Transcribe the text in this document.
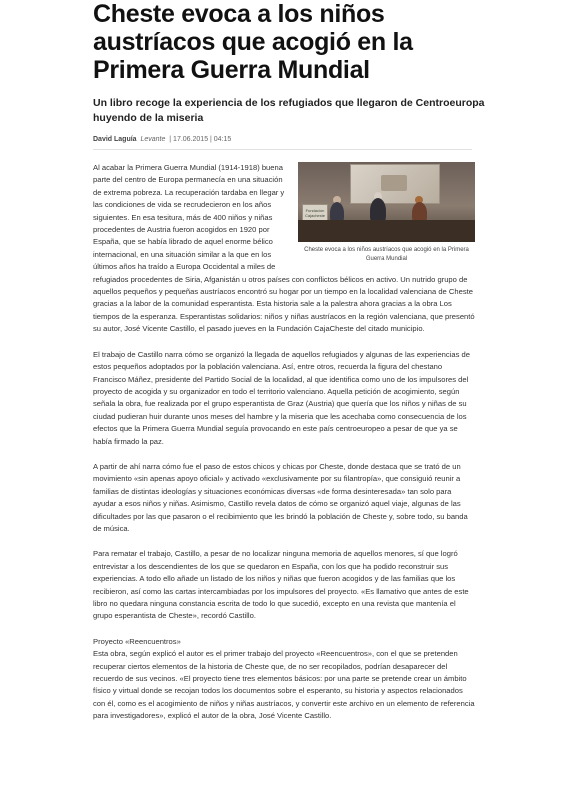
Cheste evoca a los niños austríacos que acogió en la Primera Guerra Mundial

Un libro recoge la experiencia de los refugiados que llegaron de Centroeuropa huyendo de la miseria

David Laguía Levante  | 17.06.2015 | 04:15
Fundación Cajacheste
Cheste evoca a los niños austríacos que acogió en la Primera Guerra Mundial

Al acabar la Primera Guerra Mundial (1914-1918) buena parte del centro de Europa permanecía en una situación de extrema pobreza. La recuperación tardaba en llegar y las condiciones de vida se recrudecieron en los años siguientes. En esa tesitura, más de 400 niños y niñas procedentes de Austria fueron acogidos en 1920 por España, que se había librado de aquel enorme bélico internacional, en una situación similar a la que en los últimos años ha traído a Europa Occidental a miles de refugiados procedentes de Siria, Afganistán u otros países con conflictos bélicos en activo. Un nutrido grupo de aquellos pequeños y pequeñas austríacos encontró su hogar por un tiempo en la localidad valenciana de Cheste gracias a la labor de la comunidad esperantista. Esta historia sale a la palestra ahora gracias a la obra Los tiempos de la esperanza. Esperantistas solidarios: niños y niñas austríacos en la región valenciana, que presentó su autor, José Vicente Castillo, el pasado jueves en la Fundación CajaCheste del citado municipio.

El trabajo de Castillo narra cómo se organizó la llegada de aquellos refugiados y algunas de las experiencias de estos pequeños adoptados por la población valenciana. Así, entre otros, recuerda la figura del chestano Francisco Máñez, presidente del Partido Social de la localidad, al que identifica como uno de los impulsores del proyecto de acogida y su organizador en todo el territorio valenciano. Aquella petición de acogimiento, según señala la obra, fue realizada por el grupo esperantista de Graz (Austria) que quería que los niños y niñas de su ciudad pudieran huir durante unos meses del hambre y la miseria que les acechaba como consecuencia de los efectos que la Primera Guerra Mundial seguía provocando en este país centroeuropeo a pesar de que ya se había firmado la paz.

A partir de ahí narra cómo fue el paso de estos chicos y chicas por Cheste, donde destaca que se trató de un movimiento «sin apenas apoyo oficial» y activado «exclusivamente por su filantropía», que consiguió reunir a familias de distintas ideologías y situaciones económicas diversas «de forma desinteresada» tan solo para ayudar a esos niños y niñas. Asimismo, Castillo revela datos de cómo se organizó aquel viaje, algunas de las dificultades por las que pasaron o el recibimiento que les brindó la población de Cheste y, sobre todo, su banda de música.

Para rematar el trabajo, Castillo, a pesar de no localizar ninguna memoria de aquellos menores, sí que logró entrevistar a los descendientes de los que se quedaron en España, con los que ha podido reconstruir sus experiencias. A todo ello añade un listado de los niños y niñas que fueron acogidos y de las familias que los recibieron, así como las cartas intercambiadas por los impulsores del proyecto. «Es llamativo que antes de este libro no quedara ninguna constancia escrita de todo lo que sucedió, excepto en una revista que mantenía el grupo esperantista de Cheste», recordó Castillo.

Proyecto «Reencuentros»

Esta obra, según explicó el autor es el primer trabajo del proyecto «Reencuentros», con el que se pretenden recuperar ciertos elementos de la historia de Cheste que, de no ser recopilados, podrían desaparecer del recuerdo de sus vecinos. «El proyecto tiene tres elementos básicos: por una parte se pretende crear un ámbito físico y virtual donde se recojan todos los documentos sobre el esperanto, su historia y aspectos relacionados con él, como es el acogimiento de niños y niñas austríacos, y convertir este archivo en un elemento de referencia para investigadores», explicó el autor de la obra, José Vicente Castillo.
